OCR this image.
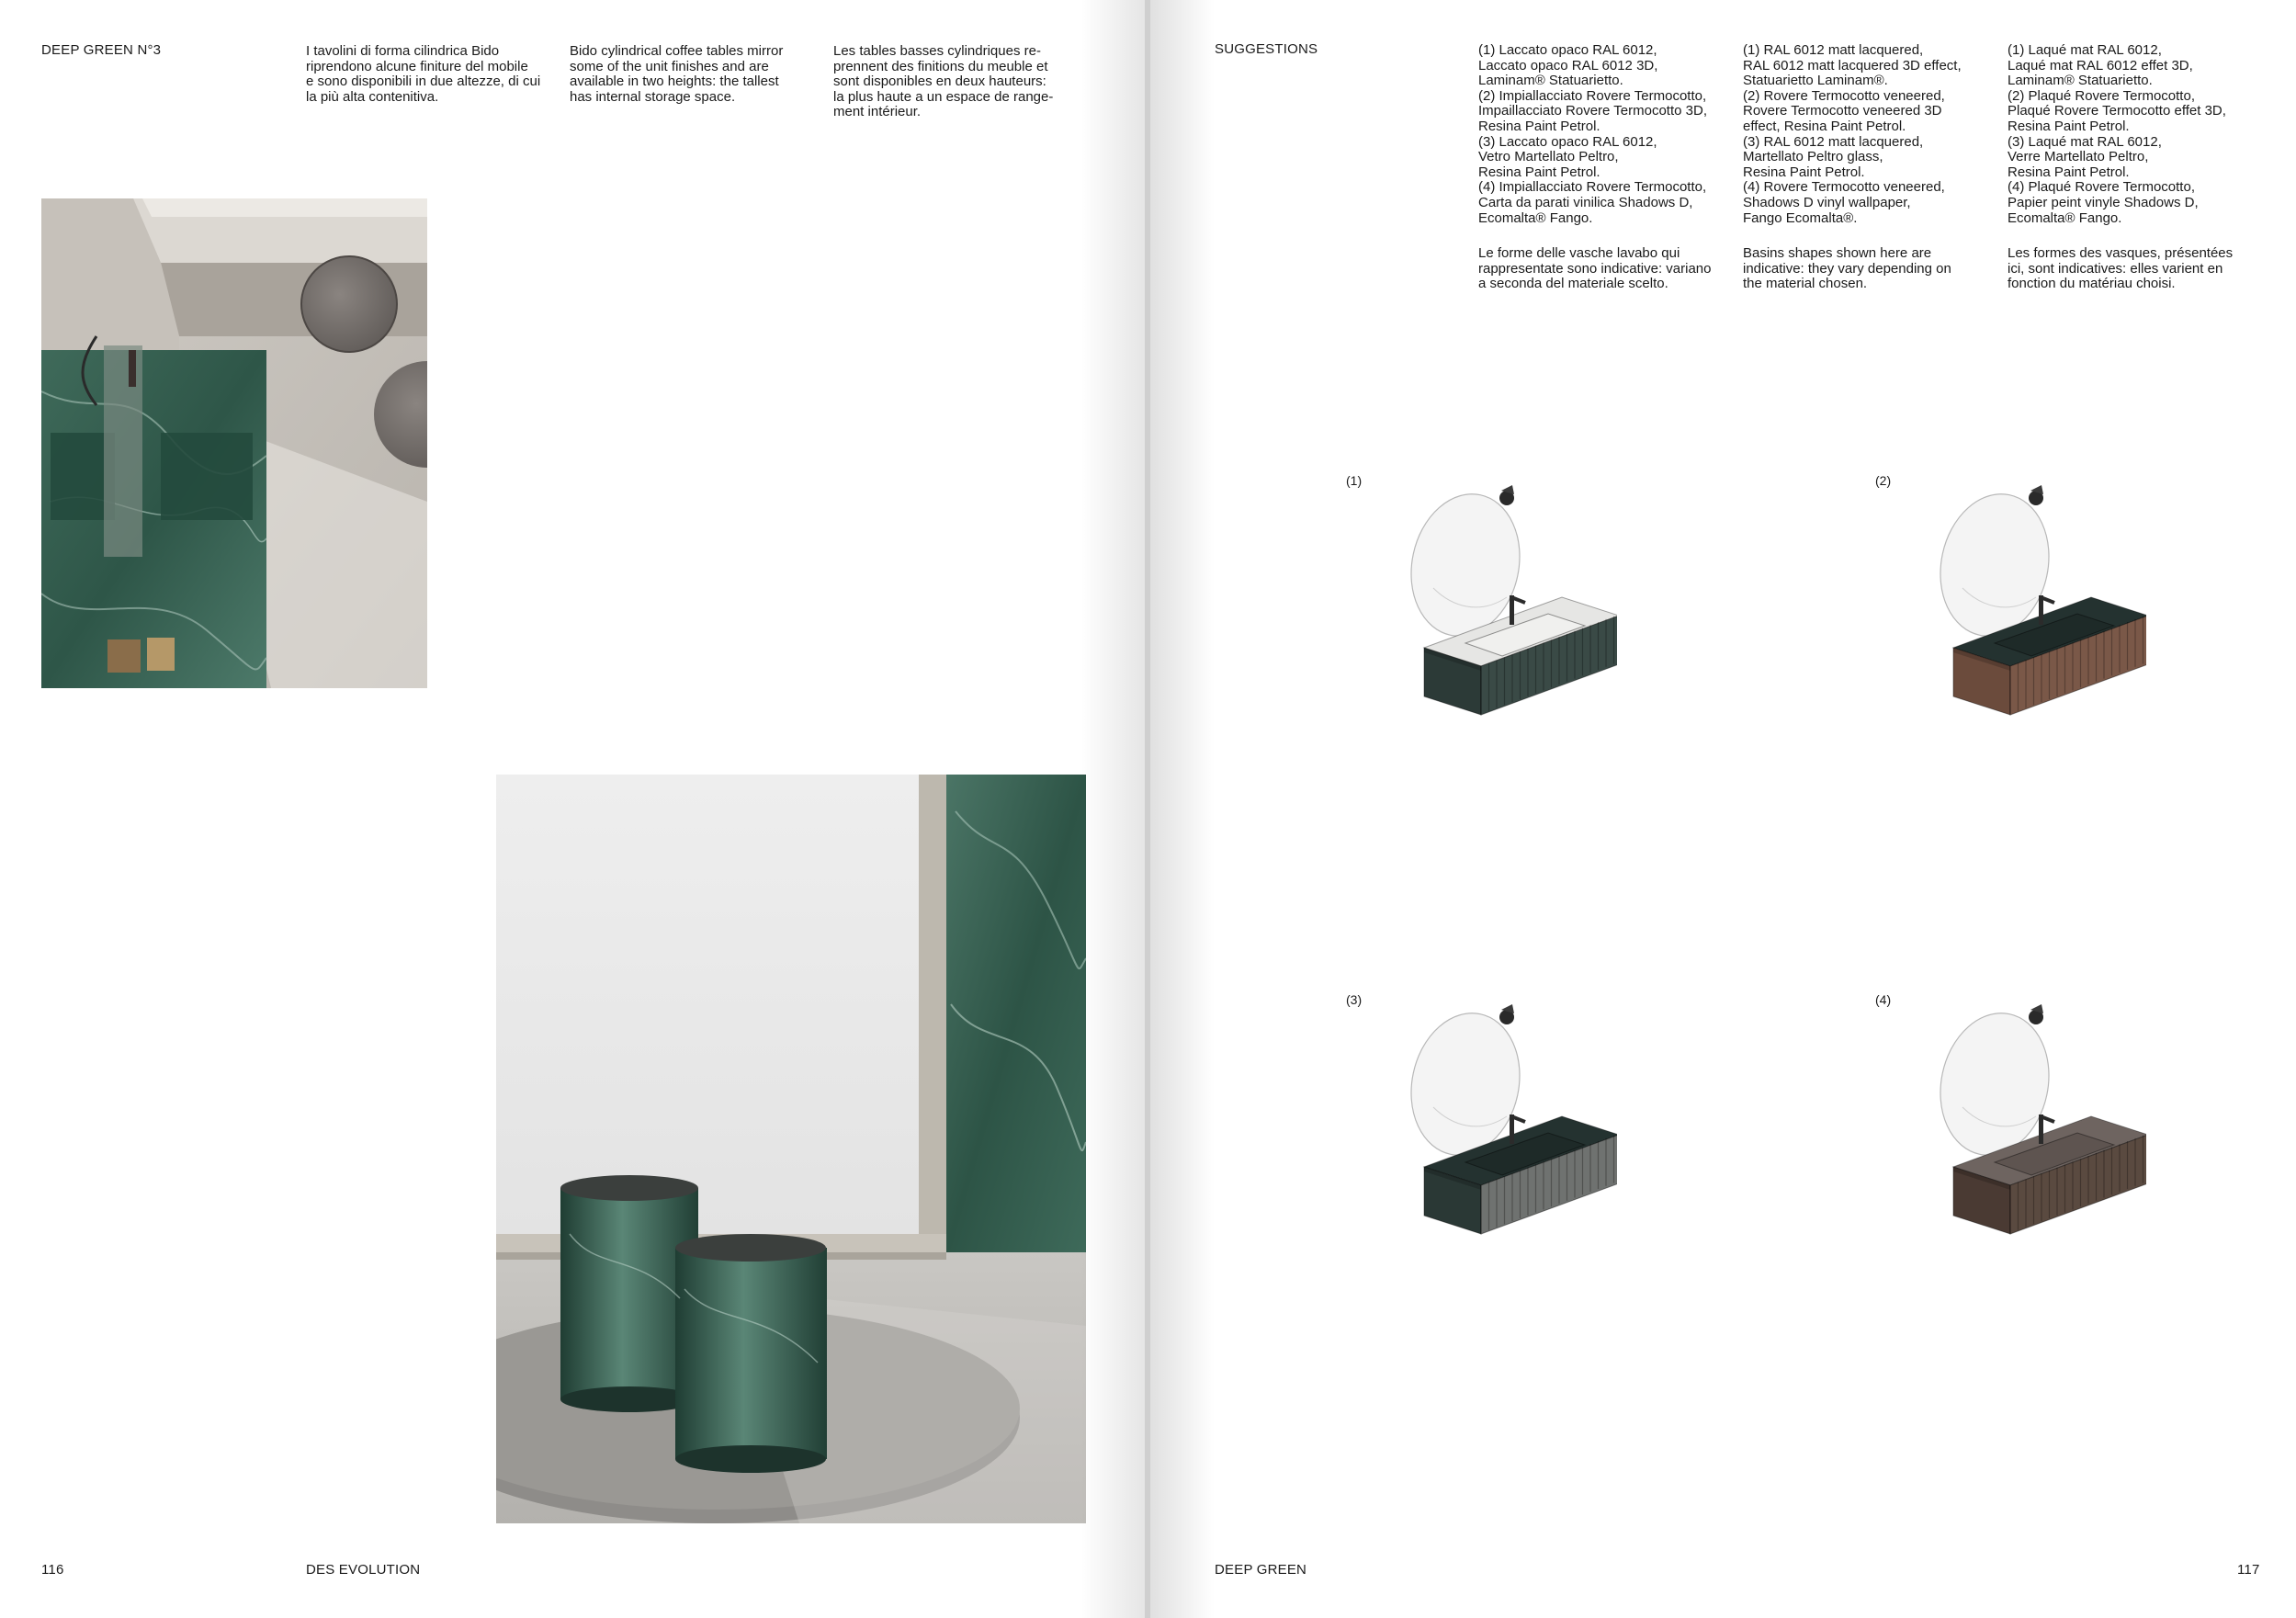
DEEP GREEN N°3	I tavolini di forma cilindrica Bido
riprendono alcune finiture del mobile
e sono disponibili in due altezze, di cui
la più alta contenitiva.
Bido cylindrical coffee tables mirror
some of the unit finishes and are
available in two heights: the tallest
has internal storage space.
Les tables basses cylindriques re-
prennent des finitions du meuble et
sont disponibles en deux hauteurs:
la plus haute a un espace de range-
ment intérieur.
116	DES EVOLUTION
SUGGESTIONS	(1) Laccato opaco RAL 6012,
Laccato opaco RAL 6012 3D,
Laminam® Statuarietto.
(2) Impiallacciato Rovere Termocotto,
Impaillacciato Rovere Termocotto 3D,
Resina Paint Petrol.
(3) Laccato opaco RAL 6012,
Vetro Martellato Peltro,
Resina Paint Petrol.
(4) Impiallacciato Rovere Termocotto,
Carta da parati vinilica Shadows D,
Ecomalta® Fango.
(1) RAL 6012 matt lacquered,
RAL 6012 matt lacquered 3D effect,
Statuarietto Laminam®.
(2) Rovere Termocotto veneered,
Rovere Termocotto veneered 3D
effect, Resina Paint Petrol.
(3) RAL 6012 matt lacquered,
Martellato Peltro glass,
Resina Paint Petrol.
(4) Rovere Termocotto veneered,
Shadows D vinyl wallpaper,
Fango Ecomalta®.
(1) Laqué mat RAL 6012,
Laqué mat RAL 6012 effet 3D,
Laminam® Statuarietto.
(2) Plaqué Rovere Termocotto,
Plaqué Rovere Termocotto effet 3D,
Resina Paint Petrol.
(3) Laqué mat RAL 6012,
Verre Martellato Peltro,
Resina Paint Petrol.
(4) Plaqué Rovere Termocotto,
Papier peint vinyle Shadows D,
Ecomalta® Fango.
Le forme delle vasche lavabo qui
rappresentate sono indicative: variano
a seconda del materiale scelto.
Basins shapes shown here are
indicative: they vary depending on
the material chosen.
Les formes des vasques, présentées
ici, sont indicatives: elles varient en
fonction du matériau choisi.
(1)	(2)
(3)	(4)
DEEP GREEN	117
